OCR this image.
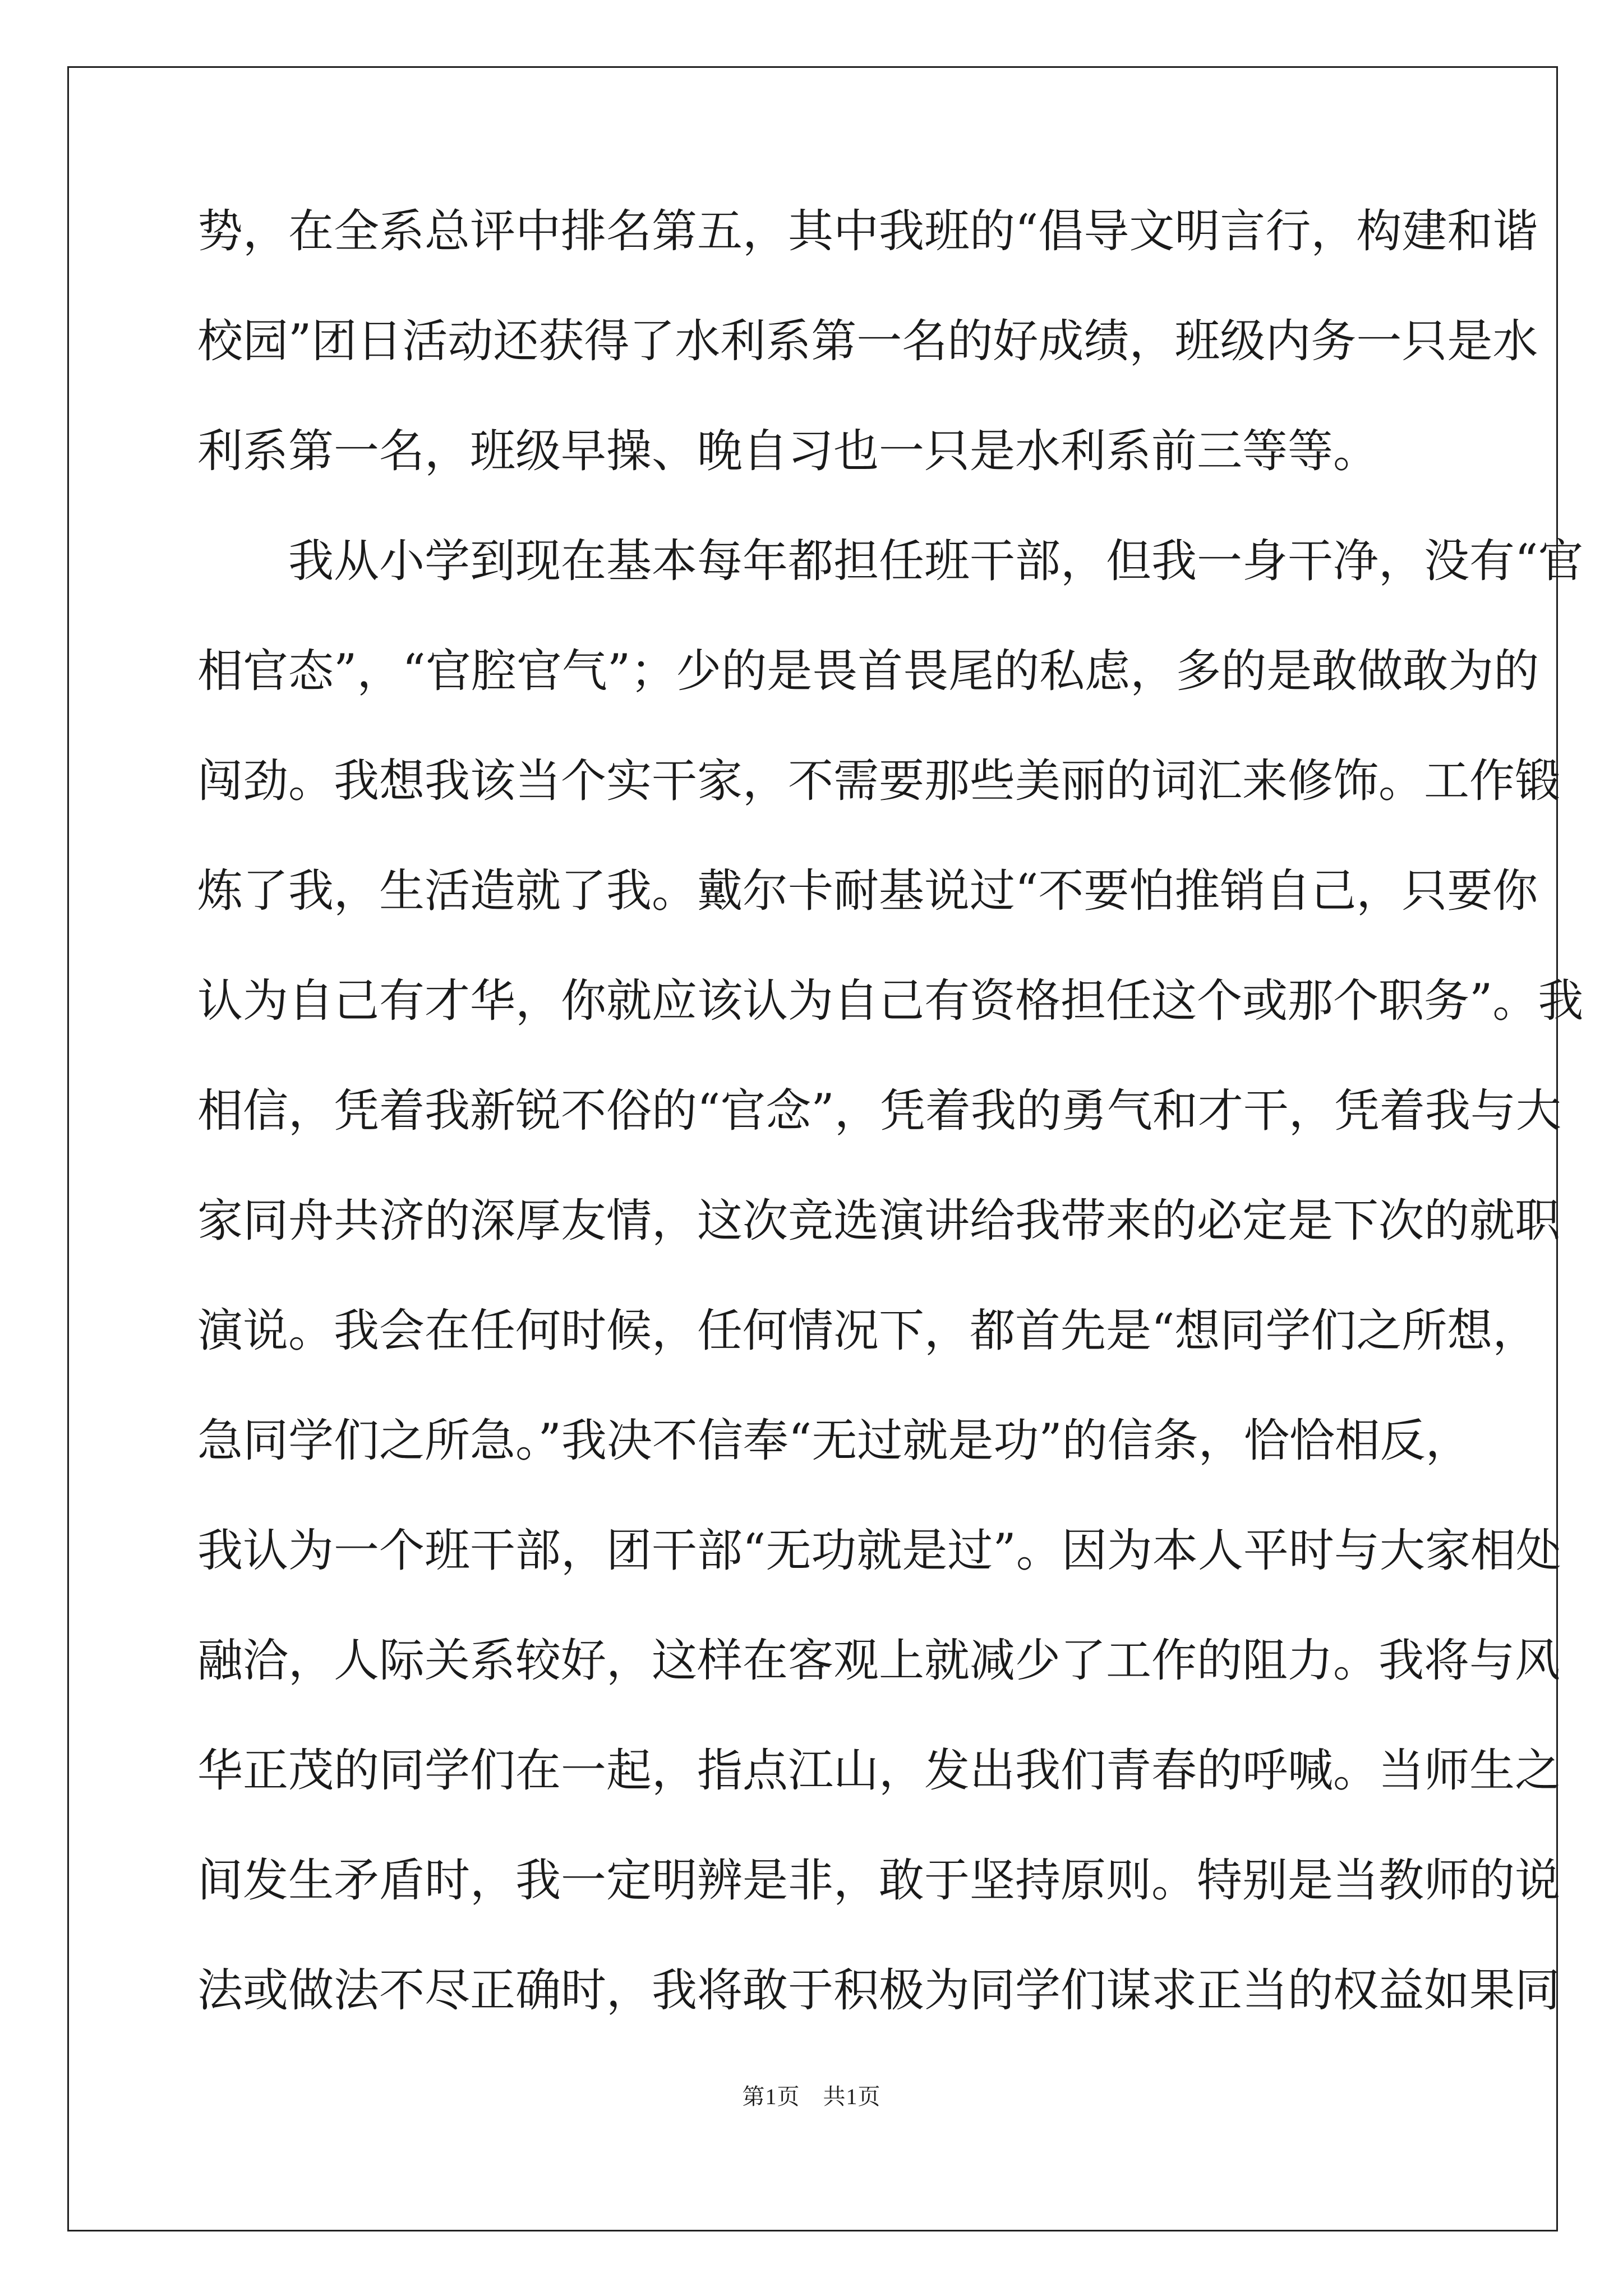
势，在全系总评中排名第五，其中我班的“倡导文明言行，构建和谐
校园”团日活动还获得了水利系第一名的好成绩，班级内务一只是水
利系第一名，班级早操、晚自习也一只是水利系前三等等。
　　我从小学到现在基本每年都担任班干部，但我一身干净，没有“官
相官态”，“官腔官气”；少的是畏首畏尾的私虑，多的是敢做敢为的
闯劲。我想我该当个实干家，不需要那些美丽的词汇来修饰。工作锻
炼了我，生活造就了我。戴尔卡耐基说过“不要怕推销自己，只要你
认为自己有才华，你就应该认为自己有资格担任这个或那个职务”。我
相信，凭着我新锐不俗的“官念”，凭着我的勇气和才干，凭着我与大
家同舟共济的深厚友情，这次竞选演讲给我带来的必定是下次的就职
演说。我会在任何时候，任何情况下，都首先是“想同学们之所想，
急同学们之所急。”我决不信奉“无过就是功”的信条，恰恰相反，
我认为一个班干部，团干部“无功就是过”。因为本人平时与大家相处
融洽，人际关系较好，这样在客观上就减少了工作的阻力。我将与风
华正茂的同学们在一起，指点江山，发出我们青春的呼喊。当师生之
间发生矛盾时，我一定明辨是非，敢于坚持原则。特别是当教师的说
法或做法不尽正确时，我将敢于积极为同学们谋求正当的权益如果同
第1页　共1页
